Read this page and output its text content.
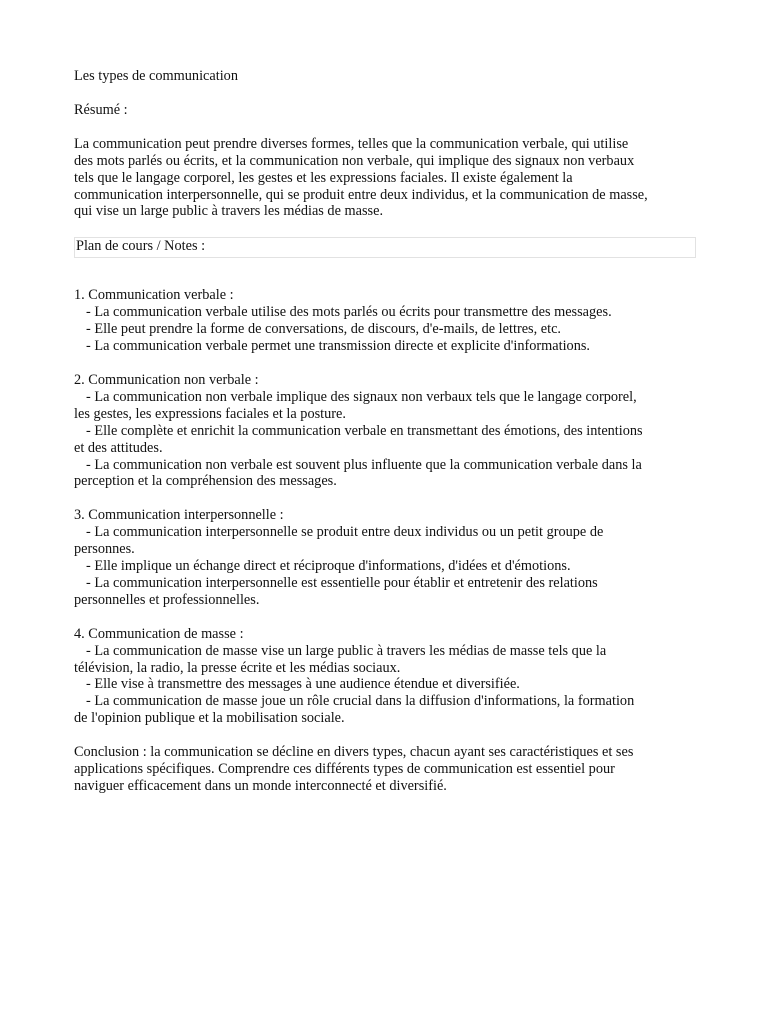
Les types de communication

Résumé :

La communication peut prendre diverses formes, telles que la communication verbale, qui utilise

des mots parlés ou écrits, et la communication non verbale, qui implique des signaux non verbaux

tels que le langage corporel, les gestes et les expressions faciales. Il existe également la

communication interpersonnelle, qui se produit entre deux individus, et la communication de masse,

qui vise un large public à travers les médias de masse.

Plan de cours / Notes :

1. Communication verbale :

- La communication verbale utilise des mots parlés ou écrits pour transmettre des messages.

- Elle peut prendre la forme de conversations, de discours, d'e-mails, de lettres, etc.

- La communication verbale permet une transmission directe et explicite d'informations.

2. Communication non verbale :

- La communication non verbale implique des signaux non verbaux tels que le langage corporel,

les gestes, les expressions faciales et la posture.

- Elle complète et enrichit la communication verbale en transmettant des émotions, des intentions

et des attitudes.

- La communication non verbale est souvent plus influente que la communication verbale dans la

perception et la compréhension des messages.

3. Communication interpersonnelle :

- La communication interpersonnelle se produit entre deux individus ou un petit groupe de

personnes.

- Elle implique un échange direct et réciproque d'informations, d'idées et d'émotions.

- La communication interpersonnelle est essentielle pour établir et entretenir des relations

personnelles et professionnelles.

4. Communication de masse :

- La communication de masse vise un large public à travers les médias de masse tels que la

télévision, la radio, la presse écrite et les médias sociaux.

- Elle vise à transmettre des messages à une audience étendue et diversifiée.

- La communication de masse joue un rôle crucial dans la diffusion d'informations, la formation

de l'opinion publique et la mobilisation sociale.

Conclusion : la communication se décline en divers types, chacun ayant ses caractéristiques et ses

applications spécifiques. Comprendre ces différents types de communication est essentiel pour

naviguer efficacement dans un monde interconnecté et diversifié.
